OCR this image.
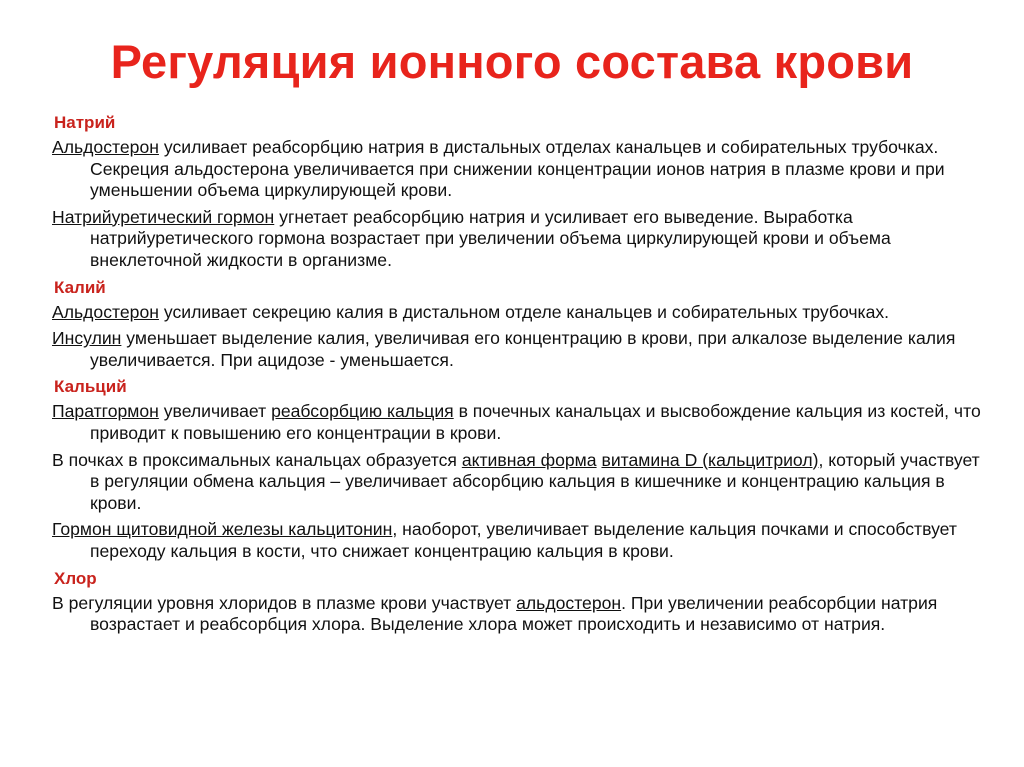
Регуляция ионного состава крови
Натрий
Альдостерон усиливает реабсорбцию натрия в дистальных отделах канальцев и собирательных трубочках. Секреция альдостерона увеличивается при снижении концентрации ионов натрия в плазме крови и при уменьшении объема циркулирующей крови.
Натрийуретический гормон угнетает реабсорбцию натрия и усиливает его выведение. Выработка натрийуретического гормона возрастает при увеличении объема циркулирующей крови и объема внеклеточной жидкости в организме.
Калий
Альдостерон усиливает секрецию калия в дистальном отделе канальцев и собирательных трубочках.
Инсулин уменьшает выделение калия, увеличивая его концентрацию в крови, при алкалозе выделение калия увеличивается. При ацидозе - уменьшается.
Кальций
Паратгормон увеличивает реабсорбцию кальция в почечных канальцах и высвобождение кальция из костей, что приводит к повышению его концентрации в крови.
В почках в проксимальных канальцах образуется активная форма витамина D (кальцитриол), который участвует в регуляции обмена кальция – увеличивает абсорбцию кальция в кишечнике и концентрацию кальция в крови.
Гормон щитовидной железы кальцитонин, наоборот, увеличивает выделение кальция почками и способствует переходу кальция в кости, что снижает концентрацию кальция в крови.
Хлор
В регуляции уровня хлоридов в плазме крови участвует альдостерон. При увеличении реабсорбции натрия возрастает и реабсорбция хлора. Выделение хлора может происходить и независимо от натрия.
